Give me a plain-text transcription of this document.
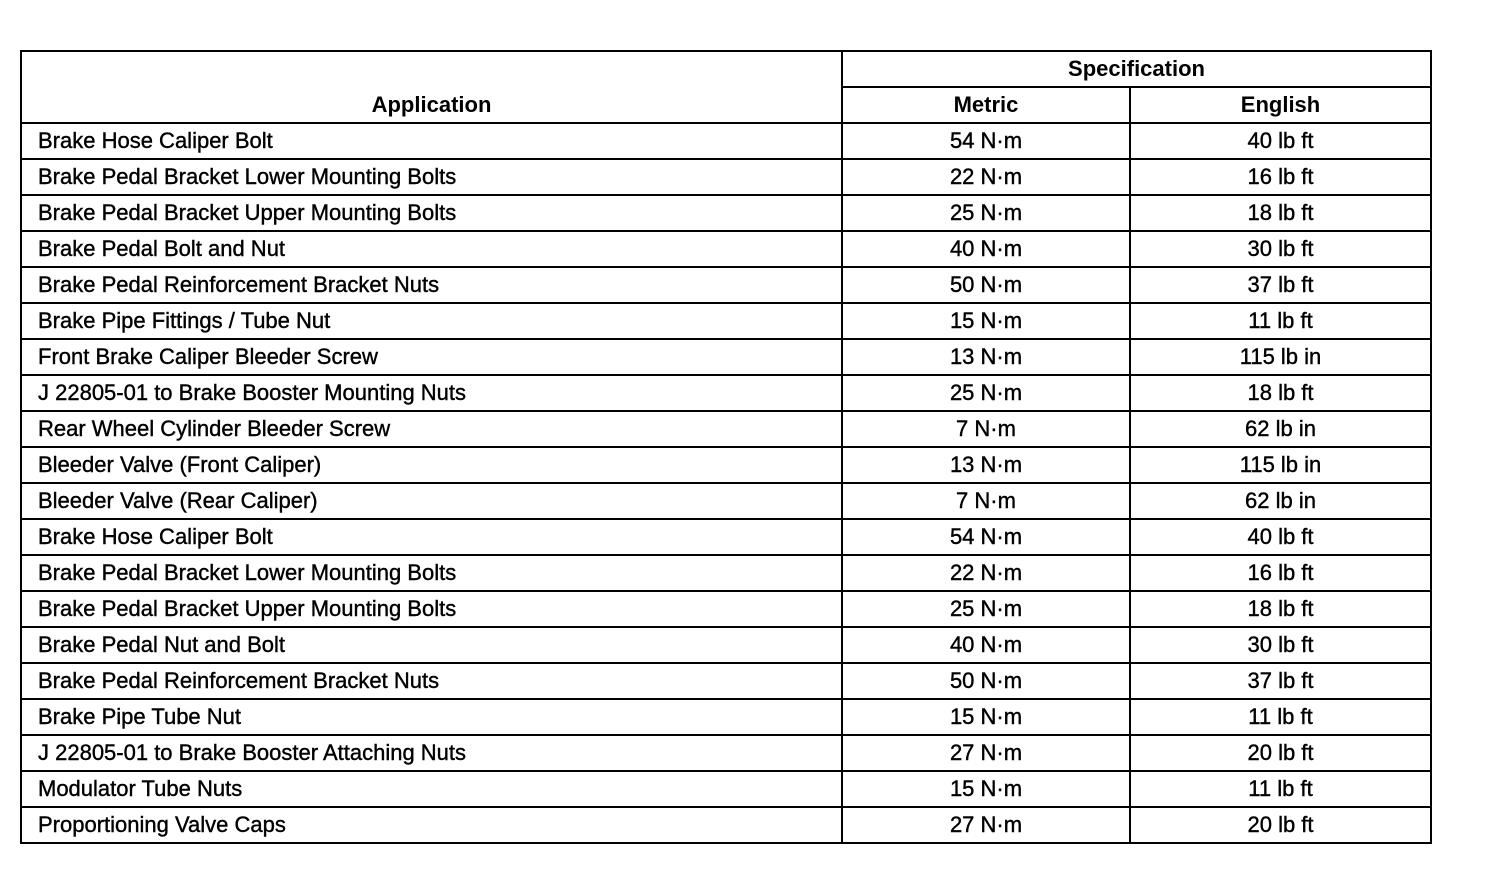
Application	Specification	
	Metric	English
Brake Hose Caliper Bolt	54 N·m	40 lb ft
Brake Pedal Bracket Lower Mounting Bolts	22 N·m	16 lb ft
Brake Pedal Bracket Upper Mounting Bolts	25 N·m	18 lb ft
Brake Pedal Bolt and Nut	40 N·m	30 lb ft
Brake Pedal Reinforcement Bracket Nuts	50 N·m	37 lb ft
Brake Pipe Fittings / Tube Nut	15 N·m	11 lb ft
Front Brake Caliper Bleeder Screw	13 N·m	115 lb in
J 22805-01 to Brake Booster Mounting Nuts	25 N·m	18 lb ft
Rear Wheel Cylinder Bleeder Screw	7 N·m	62 lb in
Bleeder Valve (Front Caliper)	13 N·m	115 lb in
Bleeder Valve (Rear Caliper)	7 N·m	62 lb in
Brake Hose Caliper Bolt	54 N·m	40 lb ft
Brake Pedal Bracket Lower Mounting Bolts	22 N·m	16 lb ft
Brake Pedal Bracket Upper Mounting Bolts	25 N·m	18 lb ft
Brake Pedal Nut and Bolt	40 N·m	30 lb ft
Brake Pedal Reinforcement Bracket Nuts	50 N·m	37 lb ft
Brake Pipe Tube Nut	15 N·m	11 lb ft
J 22805-01 to Brake Booster Attaching Nuts	27 N·m	20 lb ft
Modulator Tube Nuts	15 N·m	11 lb ft
Proportioning Valve Caps	27 N·m	20 lb ft
